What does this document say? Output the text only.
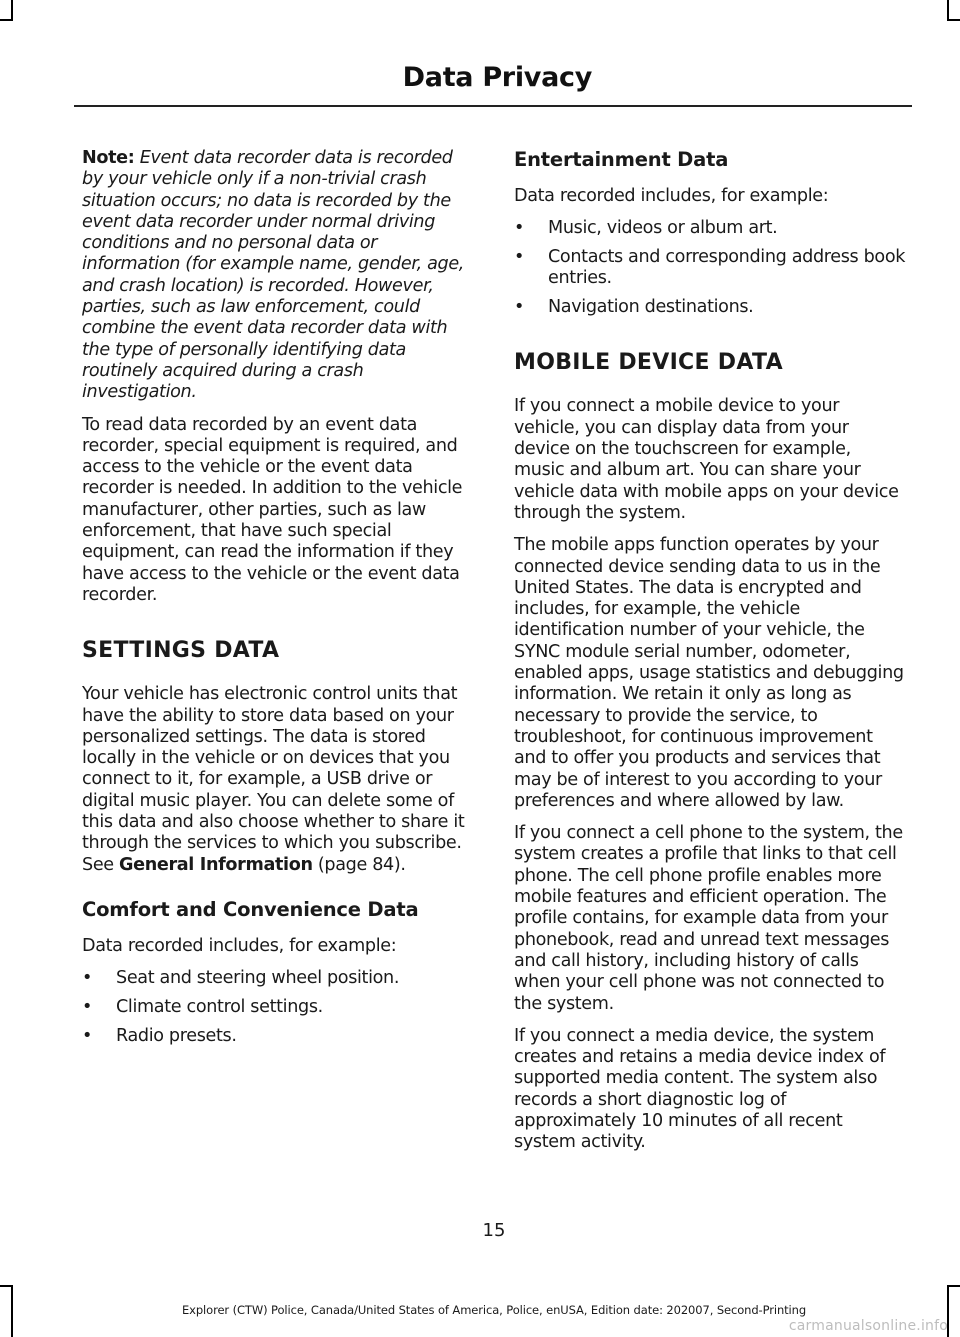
Data Privacy

Note: Event data recorder data is recorded by your vehicle only if a non-trivial crash situation occurs; no data is recorded by the event data recorder under normal driving conditions and no personal data or information (for example name, gender, age, and crash location) is recorded. However, parties, such as law enforcement, could combine the event data recorder data with the type of personally identifying data routinely acquired during a crash investigation.

To read data recorded by an event data recorder, special equipment is required, and access to the vehicle or the event data recorder is needed. In addition to the vehicle manufacturer, other parties, such as law enforcement, that have such special equipment, can read the information if they have access to the vehicle or the event data recorder.

SETTINGS DATA

Your vehicle has electronic control units that have the ability to store data based on your personalized settings. The data is stored locally in the vehicle or on devices that you connect to it, for example, a USB drive or digital music player. You can delete some of this data and also choose whether to share it through the services to which you subscribe. See General Information (page 84).

Comfort and Convenience Data

Data recorded includes, for example:

• Seat and steering wheel position.
• Climate control settings.
• Radio presets.
Entertainment Data

Data recorded includes, for example:

• Music, videos or album art.
• Contacts and corresponding address book entries.
• Navigation destinations.
MOBILE DEVICE DATA

If you connect a mobile device to your vehicle, you can display data from your device on the touchscreen for example, music and album art. You can share your vehicle data with mobile apps on your device through the system.

The mobile apps function operates by your connected device sending data to us in the United States. The data is encrypted and includes, for example, the vehicle identification number of your vehicle, the SYNC module serial number, odometer, enabled apps, usage statistics and debugging information. We retain it only as long as necessary to provide the service, to troubleshoot, for continuous improvement and to offer you products and services that may be of interest to you according to your preferences and where allowed by law.

If you connect a cell phone to the system, the system creates a profile that links to that cell phone. The cell phone profile enables more mobile features and efficient operation. The profile contains, for example data from your phonebook, read and unread text messages and call history, including history of calls when your cell phone was not connected to the system.

If you connect a media device, the system creates and retains a media device index of supported media content. The system also records a short diagnostic log of approximately 10 minutes of all recent system activity.

15
Explorer (CTW) Police, Canada/United States of America, Police, enUSA, Edition date: 202007, Second-Printing
carmanualsonline.info
